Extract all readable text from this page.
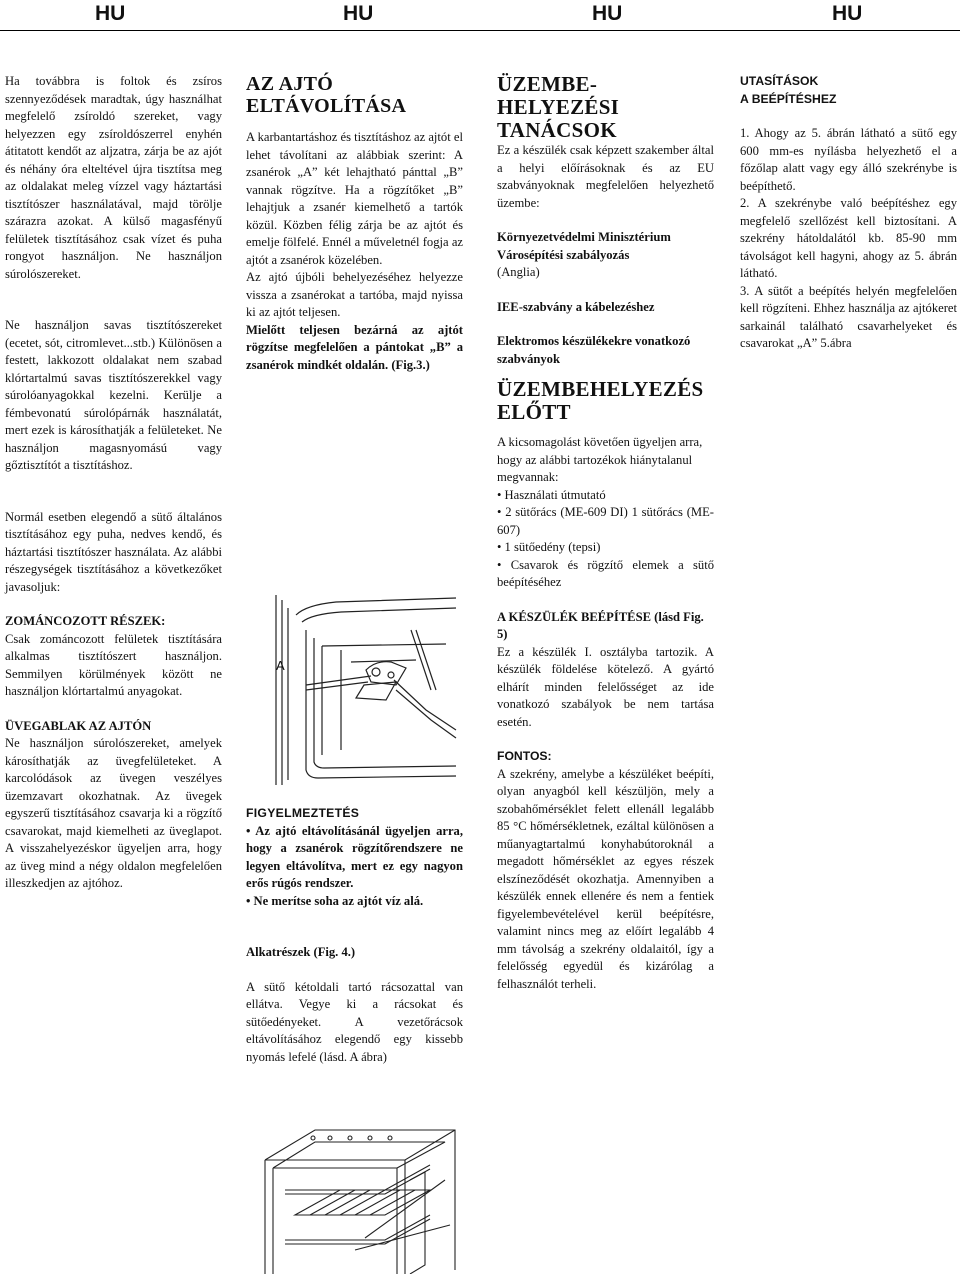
HU	HU	HU	HU

Ha továbbra is foltok és zsíros szennyeződések maradtak, úgy használhat megfelelő zsíroldó szereket, vagy helyezzen egy zsíroldószerrel enyhén átitatott kendőt az aljzatra, zárja be az ajót és néhány óra elteltével újra tisztítsa meg az oldalakat meleg vízzel vagy háztartási tisztítószer használatával, majd törölje szárazra azokat. A külső magasfényű felületek tisztításához csak vízet és puha rongyot használjon. Ne használjon súrolószereket.

Ne használjon savas tisztítószereket (ecetet, sót, citromlevet...stb.) Különösen a festett, lakkozott oldalakat nem szabad klórtartalmú savas tisztítószerekkel vagy súrolóanyagokkal kezelni. Kerülje a fémbevonatú súrolópárnák használatát, mert ezek is károsíthatják a felületeket. Ne használjon magasnyomású vagy gőztisztítót a tisztításhoz.

Normál esetben elegendő a sütő általános tisztításához egy puha, nedves kendő, és háztartási tisztítószer használata. Az alábbi részegységek tisztításához a következőket javasoljuk:

ZOMÁNCOZOTT RÉSZEK:

Csak zománcozott felületek tisztítására alkalmas tisztítószert használjon. Semmilyen körülmények között ne használjon klórtartalmú anyagokat.

ÜVEGABLAK AZ AJTÓN

Ne használjon súrolószereket, amelyek károsíthatják az üvegfelületeket. A karcolódások az üvegen veszélyes üzemzavart okozhatnak. Az üvegek egyszerű tisztításához csavarja ki a rögzítő csavarokat, majd kiemelheti az üveglapot. A visszahelyezéskor ügyeljen arra, hogy az üveg mind a négy oldalon megfelelően illeszkedjen az ajtóhoz.

AZ AJTÓ

ELTÁVOLÍTÁSA

A karbantartáshoz és tisztításhoz az ajtót el lehet távolítani az alábbiak szerint: A zsanérok „A” két lehajtható pánttal „B” vannak rögzítve. Ha a rögzítőket „B” lehajtjuk a zsanér kiemelhető a tartók közül. Közben félig zárja be az ajtót és emelje fölfelé. Ennél a műveletnél fogja az ajtót a zsanérok közelében.

Az ajtó újbóli behelyezéséhez helyezze vissza a zsanérokat a tartóba, majd nyissa ki az ajtót teljesen.

Mielőtt teljesen bezárná az ajtót rögzítse megfelelően a pántokat „B” a zsanérok mindkét oldalán. (Fig.3.)

A

FIGYELMEZTETÉS

• Az ajtó eltávolításánál ügyeljen arra, hogy a zsanérok rögzítőrendszere ne legyen eltávolítva, mert ez egy nagyon erős rúgós rendszer.

• Ne merítse soha az ajtót víz alá.

Alkatrészek (Fig. 4.)

A sütő kétoldali tartó rácsozattal van ellátva. Vegye ki a rácsokat és sütőedényeket. A vezetőrácsok eltávolításához elegendő egy kissebb nyomás lefelé (lásd. A ábra)

ÜZEMBE-

HELYEZÉSI

TANÁCSOK

Ez a készülék csak képzett szakember által a helyi előírásoknak és az EU szabványoknak megfelelően helyezhető üzembe:

Környezetvédelmi Minisztérium Városépítési szabályozás

(Anglia)

IEE-szabvány a kábelezéshez

Elektromos készülékekre vonatkozó szabványok

ÜZEMBEHELYEZÉS

ELŐTT

A kicsomagolást követően ügyeljen arra, hogy az alábbi tartozékok hiánytalanul megvannak:

• Használati útmutató
• 2 sütőrács (ME-609 DI) 1 sütőrács (ME-607)
• 1 sütőedény (tepsi)
• Csavarok és rögzítő elemek a sütő beépítéséhez

A KÉSZÜLÉK BEÉPÍTÉSE (lásd Fig. 5)

Ez a készülék I. osztályba tartozik. A készülék földelése kötelező. A gyártó elhárít minden felelősséget az ide vonatkozó szabályok be nem tartása esetén.

FONTOS:

A szekrény, amelybe a készüléket beépíti, olyan anyagból kell készüljön, mely a szobahőmérséklet felett ellenáll legalább 85 °C hőmérsékletnek, ezáltal különösen a műanyagtartalmú konyhabútoroknál a megadott hőmérséklet az egyes részek elszíneződését okozhatja. Amennyiben a készülék ennek ellenére és nem a fentiek figyelembevételével kerül beépítésre, valamint nincs meg az előírt legalább 4 mm távolság a szekrény oldalaitól, így a felelősség egyedül és kizárólag a felhasználót terheli.

UTASÍTÁSOK

A BEÉPÍTÉSHEZ

1. Ahogy az 5. ábrán látható a sütő egy 600 mm-es nyílásba helyezhető el a főzőlap alatt vagy egy álló szekrénybe is beépíthető.

2. A szekrénybe való beépítéshez egy megfelelő szellőzést kell biztosítani. A szekrény hátoldalától kb. 85-90 mm távolságot kell hagyni, ahogy az 5. ábrán látható.

3. A sütőt a beépítés helyén megfelelően kell rögzíteni. Ehhez használja az ajtókeret sarkainál található csavarhelyeket és csavarokat „A” 5.ábra
